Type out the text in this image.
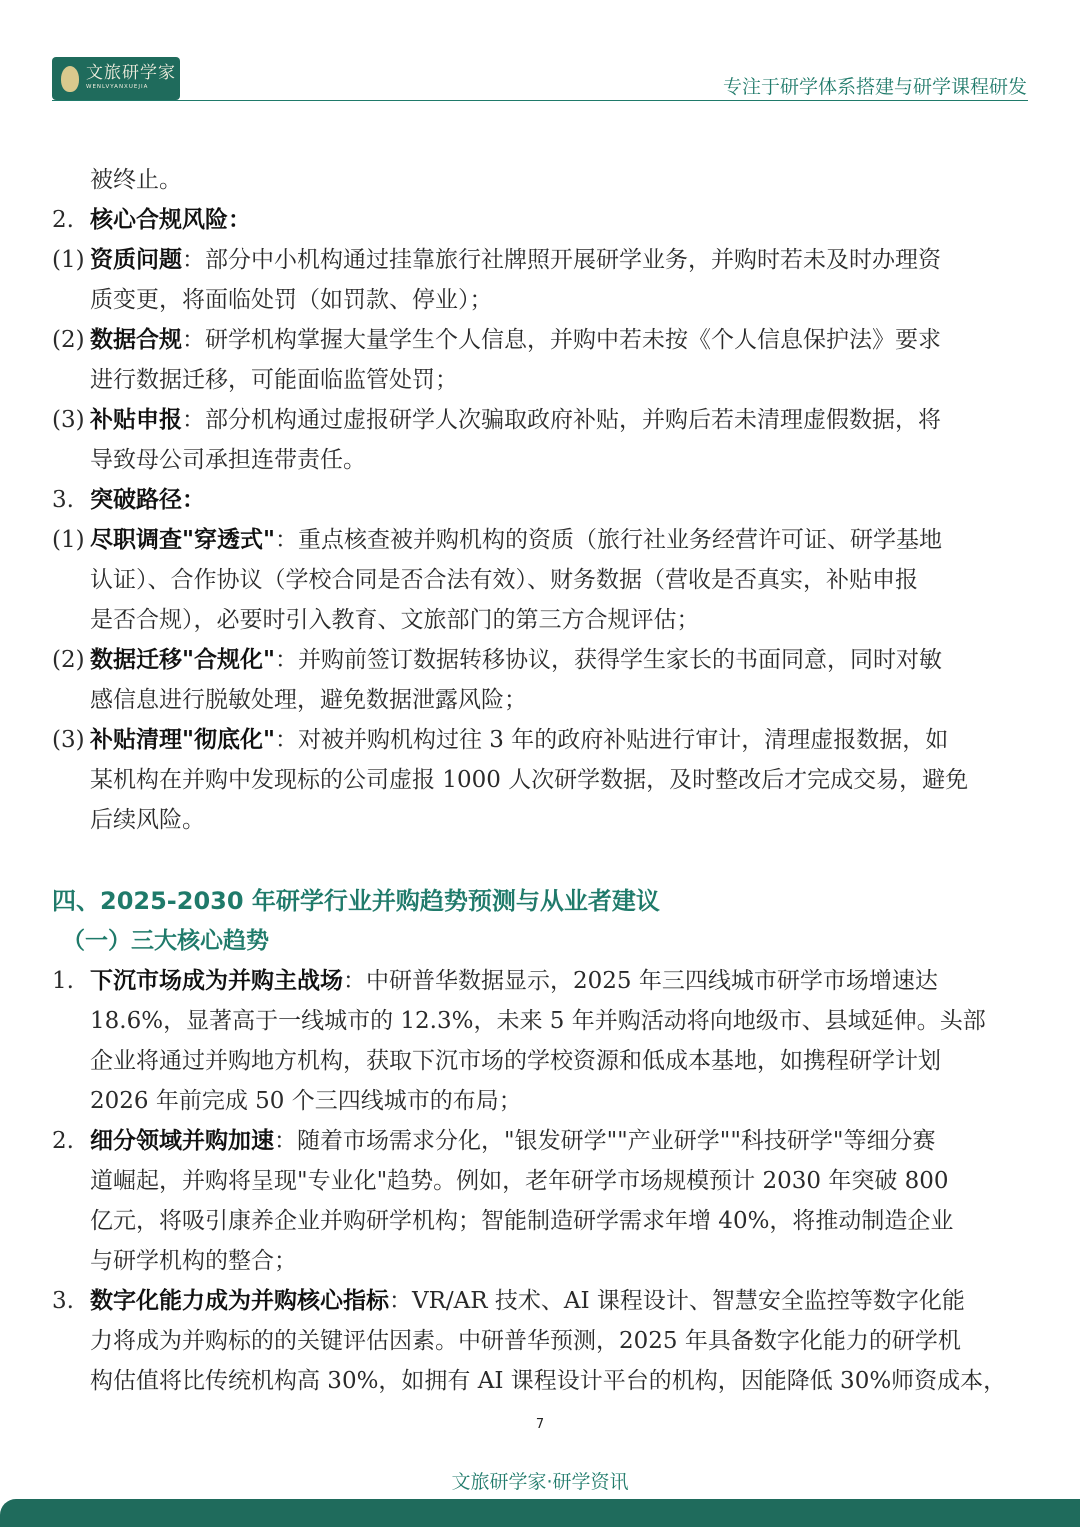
文旅研学家
WENLVYANXUEJIA	专注于研学体系搭建与研学课程研发
被终止。
2. 核心合规风险：
(1) 资质问题：部分中小机构通过挂靠旅行社牌照开展研学业务，并购时若未及时办理资
质变更，将面临处罚（如罚款、停业）；
(2) 数据合规：研学机构掌握大量学生个人信息，并购中若未按《个人信息保护法》要求
进行数据迁移，可能面临监管处罚；
(3) 补贴申报：部分机构通过虚报研学人次骗取政府补贴，并购后若未清理虚假数据，将
导致母公司承担连带责任。
3. 突破路径：
(1) 尽职调查"穿透式"：重点核查被并购机构的资质（旅行社业务经营许可证、研学基地
认证）、合作协议（学校合同是否合法有效）、财务数据（营收是否真实，补贴申报
是否合规），必要时引入教育、文旅部门的第三方合规评估；
(2) 数据迁移"合规化"：并购前签订数据转移协议，获得学生家长的书面同意，同时对敏
感信息进行脱敏处理，避免数据泄露风险；
(3) 补贴清理"彻底化"：对被并购机构过往 3 年的政府补贴进行审计，清理虚报数据，如
某机构在并购中发现标的公司虚报 1000 人次研学数据，及时整改后才完成交易，避免
后续风险。
四、2025-2030 年研学行业并购趋势预测与从业者建议
（一）三大核心趋势
1. 下沉市场成为并购主战场：中研普华数据显示，2025 年三四线城市研学市场增速达
18.6%，显著高于一线城市的 12.3%，未来 5 年并购活动将向地级市、县域延伸。头部
企业将通过并购地方机构，获取下沉市场的学校资源和低成本基地，如携程研学计划
2026 年前完成 50 个三四线城市的布局；
2. 细分领域并购加速：随着市场需求分化，"银发研学""产业研学""科技研学"等细分赛
道崛起，并购将呈现"专业化"趋势。例如，老年研学市场规模预计 2030 年突破 800
亿元，将吸引康养企业并购研学机构；智能制造研学需求年增 40%，将推动制造企业
与研学机构的整合；
3. 数字化能力成为并购核心指标：VR/AR 技术、AI 课程设计、智慧安全监控等数字化能
力将成为并购标的的关键评估因素。中研普华预测，2025 年具备数字化能力的研学机
构估值将比传统机构高 30%，如拥有 AI 课程设计平台的机构，因能降低 30%师资成本，
7
文旅研学家·研学资讯
